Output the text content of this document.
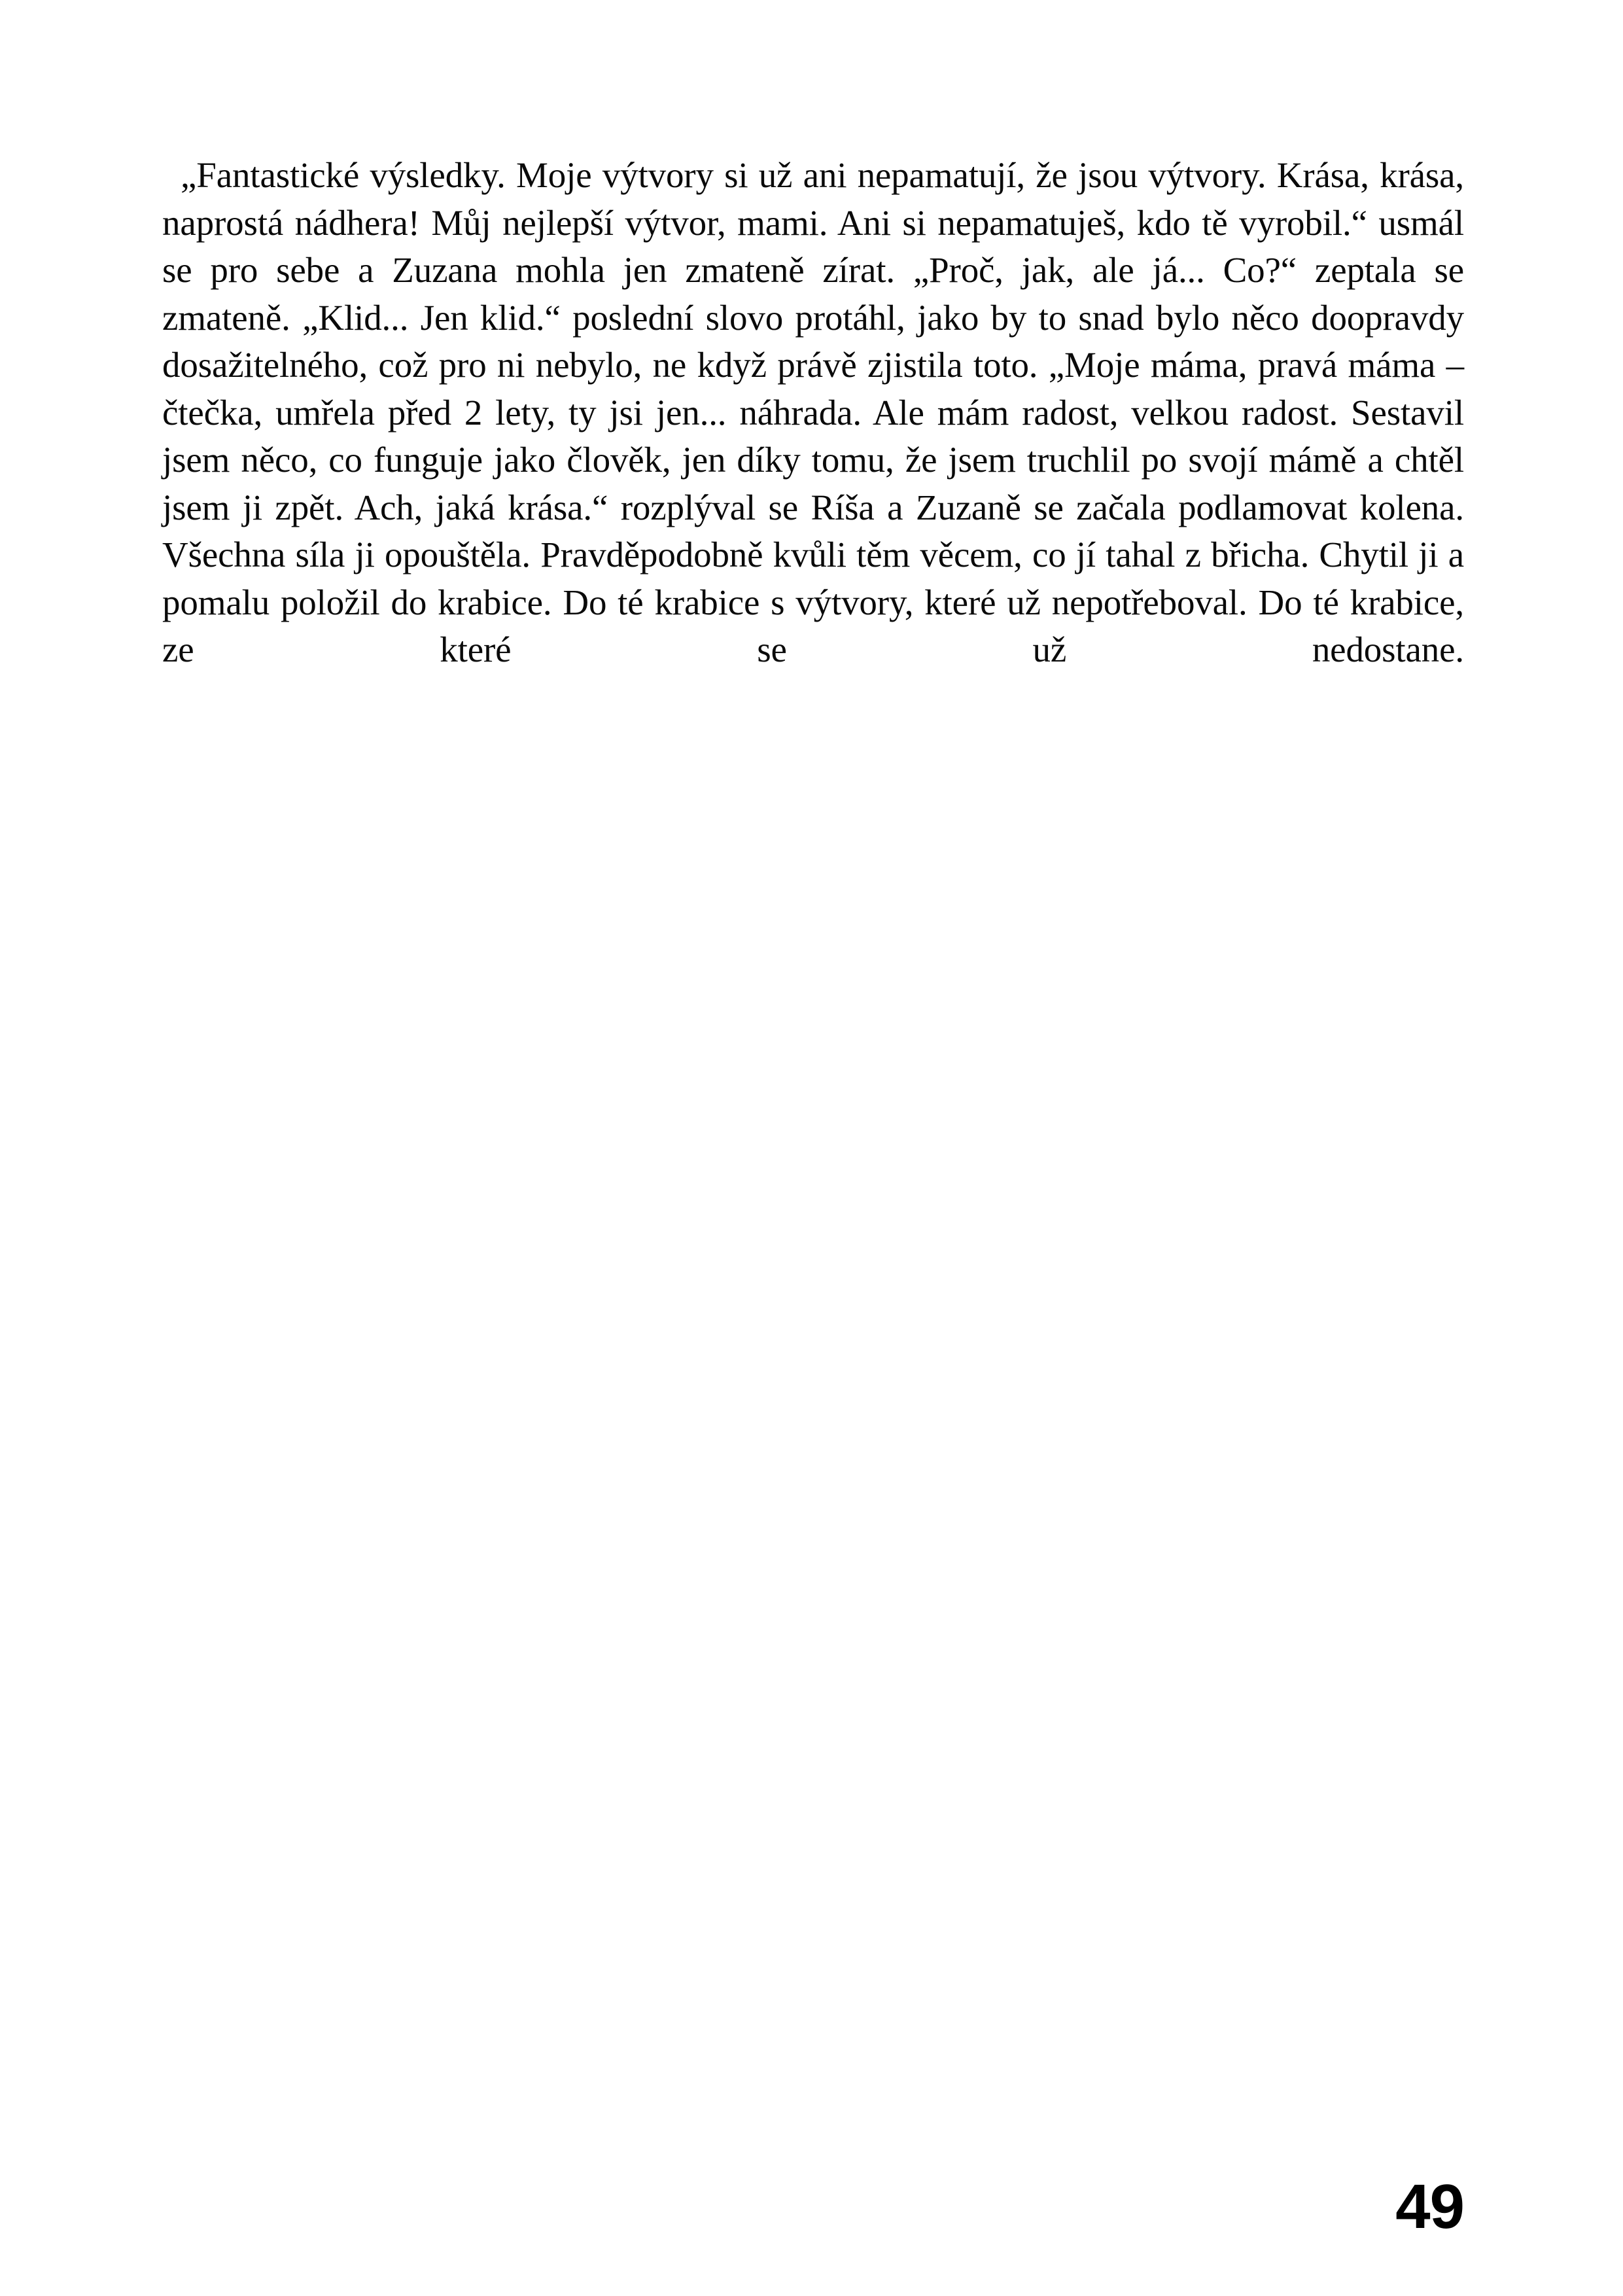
„Fantastické výsledky. Moje výtvory si už ani nepamatují, že jsou výtvory. Krása, krása, naprostá nádhera! Můj nejlepší výtvor, mami. Ani si nepamatuješ, kdo tě vyrobil.“ usmál se pro sebe a Zuzana mohla jen zmateně zírat. „Proč, jak, ale já... Co?“ zeptala se zmateně. „Klid... Jen klid.“ poslední slovo protáhl, jako by to snad bylo něco doopravdy dosažitelného, což pro ni nebylo, ne když právě zjistila toto. „Moje máma, pravá máma – čtečka, umřela před 2 lety, ty jsi jen... náhrada. Ale mám radost, velkou radost. Sestavil jsem něco, co funguje jako člověk, jen díky tomu, že jsem truchlil po svojí mámě a chtěl jsem ji zpět. Ach, jaká krása.“ rozplýval se Ríša a Zuzaně se začala podlamovat kolena. Všechna síla ji opouštěla. Pravděpodobně kvůli těm věcem, co jí tahal z břicha. Chytil ji a pomalu položil do krabice. Do té krabice s výtvory, které už nepotřeboval. Do té krabice, ze které se už nedostane.

49
